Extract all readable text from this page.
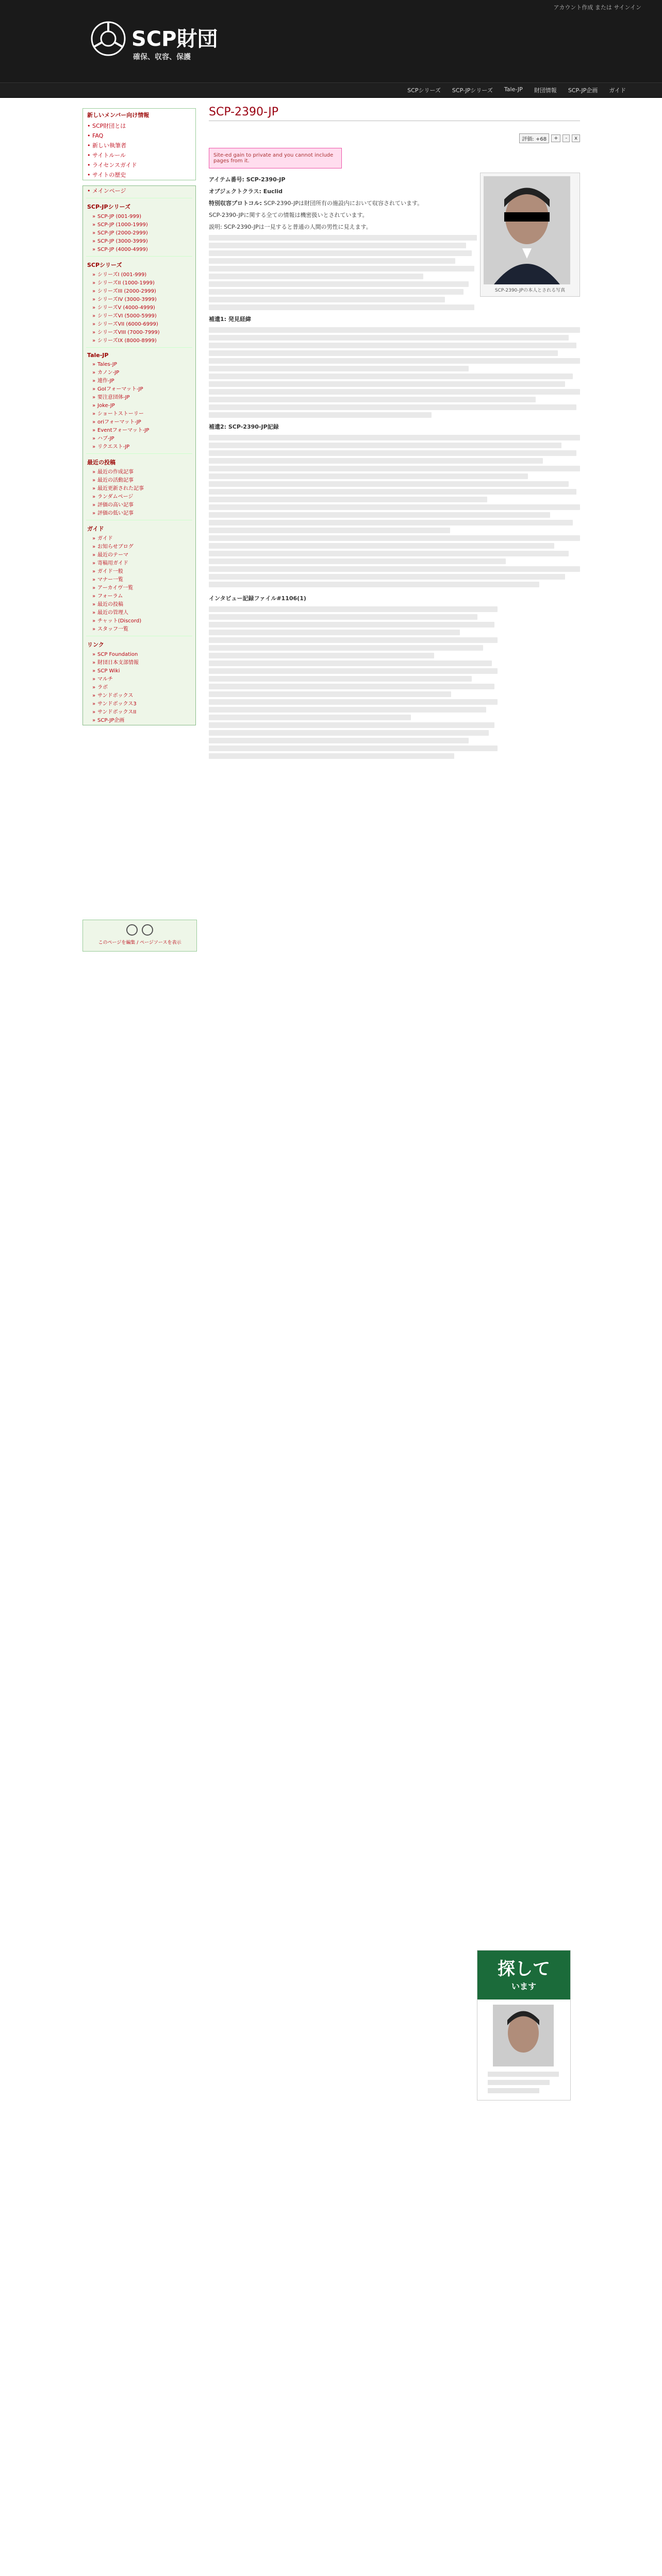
アカウント作成 または サインイン
SCP財団
確保、収容、保護
SCPシリーズ SCP-JPシリーズ Tale-JP 財団情報 SCP-JP企画 ガイド
新しいメンバー向け情報
• SCP財団とは
• FAQ
• 新しい執筆者
• サイトルール
• ライセンスガイド
• サイトの歴史
• メインページ
SCP-JPシリーズ
» SCP-JP (001-999)
» SCP-JP (1000-1999)
» SCP-JP (2000-2999)
» SCP-JP (3000-3999)
» SCP-JP (4000-4999)
SCPシリーズ
» シリーズI (001-999)
» シリーズII (1000-1999)
» シリーズIII (2000-2999)
» シリーズIV (3000-3999)
» シリーズV (4000-4999)
» シリーズVI (5000-5999)
» シリーズVII (6000-6999)
» シリーズVIII (7000-7999)
» シリーズIX (8000-8999)
Tale-JP
» Tales-JP
» カノン-JP
» 連作-JP
» GoIフォーマット-JP
» 要注意団体-JP
» Joke-JP
» ショートストーリー
» oriフォーマット-JP
» Eventフォーマット-JP
» ハブ-JP
» リクエスト-JP
最近の投稿
» 最近の作成記事
» 最近の活動記事
» 最近更新された記事
» ランダムページ
» 評価の高い記事
» 評価の低い記事
ガイド
» ガイド
» お知らせブログ
» 最近のテーマ
» 寄稿用ガイド
» ガイド一般
» マナー一覧
» アーカイヴ一覧
» フォーラム
» 最近の投稿
» 最近の管理人
» チャット(Discord)
» スタッフ一覧
リンク
» SCP Foundation
» 財団日本支部情報
» SCP Wiki
» マルチ
» ラボ
» サンドボックス
» サンドボックス3
» サンドボックスII
» SCP-JP企画
このページを編集 / ページソースを表示
SCP-2390-JP
評価: +68	+	-	x
Site-ed gain to private and you cannot include pages from it.
SCP-2390-JPの本人とされる写真

アイテム番号: SCP-2390-JP

オブジェクトクラス: Euclid

特別収容プロトコル: SCP-2390-JPは財団所有の施設内において収容されています。

SCP-2390-JPに関する全ての情報は機密扱いとされています。

説明: SCP-2390-JPは一見すると普通の人間の男性に見えます。

補遺1: 発見経緯

補遺2: SCP-2390-JP記録

インタビュー記録ファイル#1106(1)

探して
います
